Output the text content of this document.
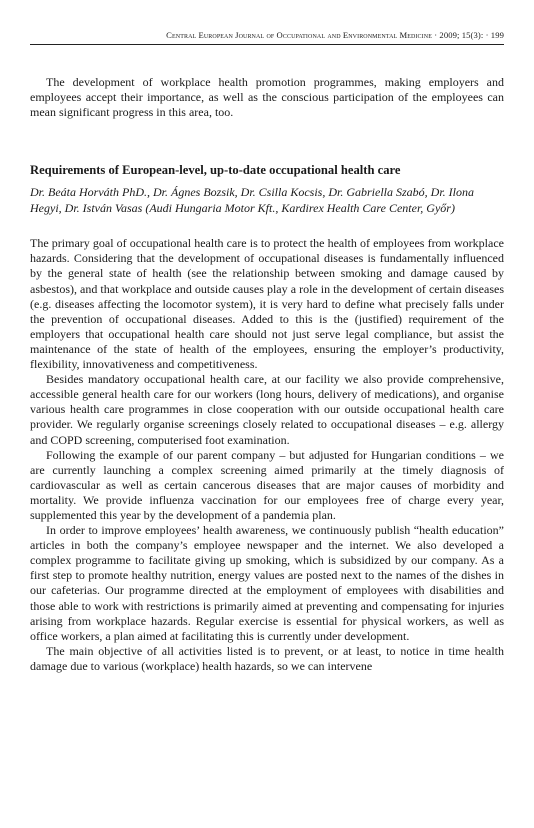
Central European Journal of Occupational and Environmental Medicine · 2009; 15(3): · 199

The development of workplace health promotion programmes, making employers and employees accept their importance, as well as the conscious participation of the employees can mean significant progress in this area, too.

Requirements of European-level, up-to-date occupational health care
Dr. Beáta Horváth PhD., Dr. Ágnes Bozsik, Dr. Csilla Kocsis, Dr. Gabriella Szabó, Dr. Ilona Hegyi, Dr. István Vasas (Audi Hungaria Motor Kft., Kardirex Health Care Center, Győr)

The primary goal of occupational health care is to protect the health of employees from workplace hazards. Considering that the development of occupational diseases is fundamentally influenced by the general state of health (see the relationship between smoking and damage caused by asbestos), and that workplace and outside causes play a role in the development of certain diseases (e.g. diseases affecting the locomotor system), it is very hard to define what precisely falls under the prevention of occupational diseases. Added to this is the (justified) requirement of the employers that occupational health care should not just serve legal compliance, but assist the maintenance of the state of health of the employees, ensuring the employer’s productivity, flexibility, innovativeness and competitiveness.

Besides mandatory occupational health care, at our facility we also provide comprehensive, accessible general health care for our workers (long hours, delivery of medications), and organise various health care programmes in close cooperation with our outside occupational health care provider. We regularly organise screenings closely related to occupational diseases – e.g. allergy and COPD screening, computerised foot examination.

Following the example of our parent company – but adjusted for Hungarian conditions – we are currently launching a complex screening aimed primarily at the timely diagnosis of cardiovascular as well as certain cancerous diseases that are major causes of morbidity and mortality. We provide influenza vaccination for our employees free of charge every year, supplemented this year by the development of a pandemia plan.

In order to improve employees’ health awareness, we continuously publish “health education” articles in both the company’s employee newspaper and the internet. We also developed a complex programme to facilitate giving up smoking, which is subsidized by our company. As a first step to promote healthy nutrition, energy values are posted next to the names of the dishes in our cafeterias. Our programme directed at the employment of employees with disabilities and those able to work with restrictions is primarily aimed at preventing and compensating for injuries arising from workplace hazards. Regular exercise is essential for physical workers, as well as office workers, a plan aimed at facilitating this is currently under development.

The main objective of all activities listed is to prevent, or at least, to notice in time health damage due to various (workplace) health hazards, so we can intervene
